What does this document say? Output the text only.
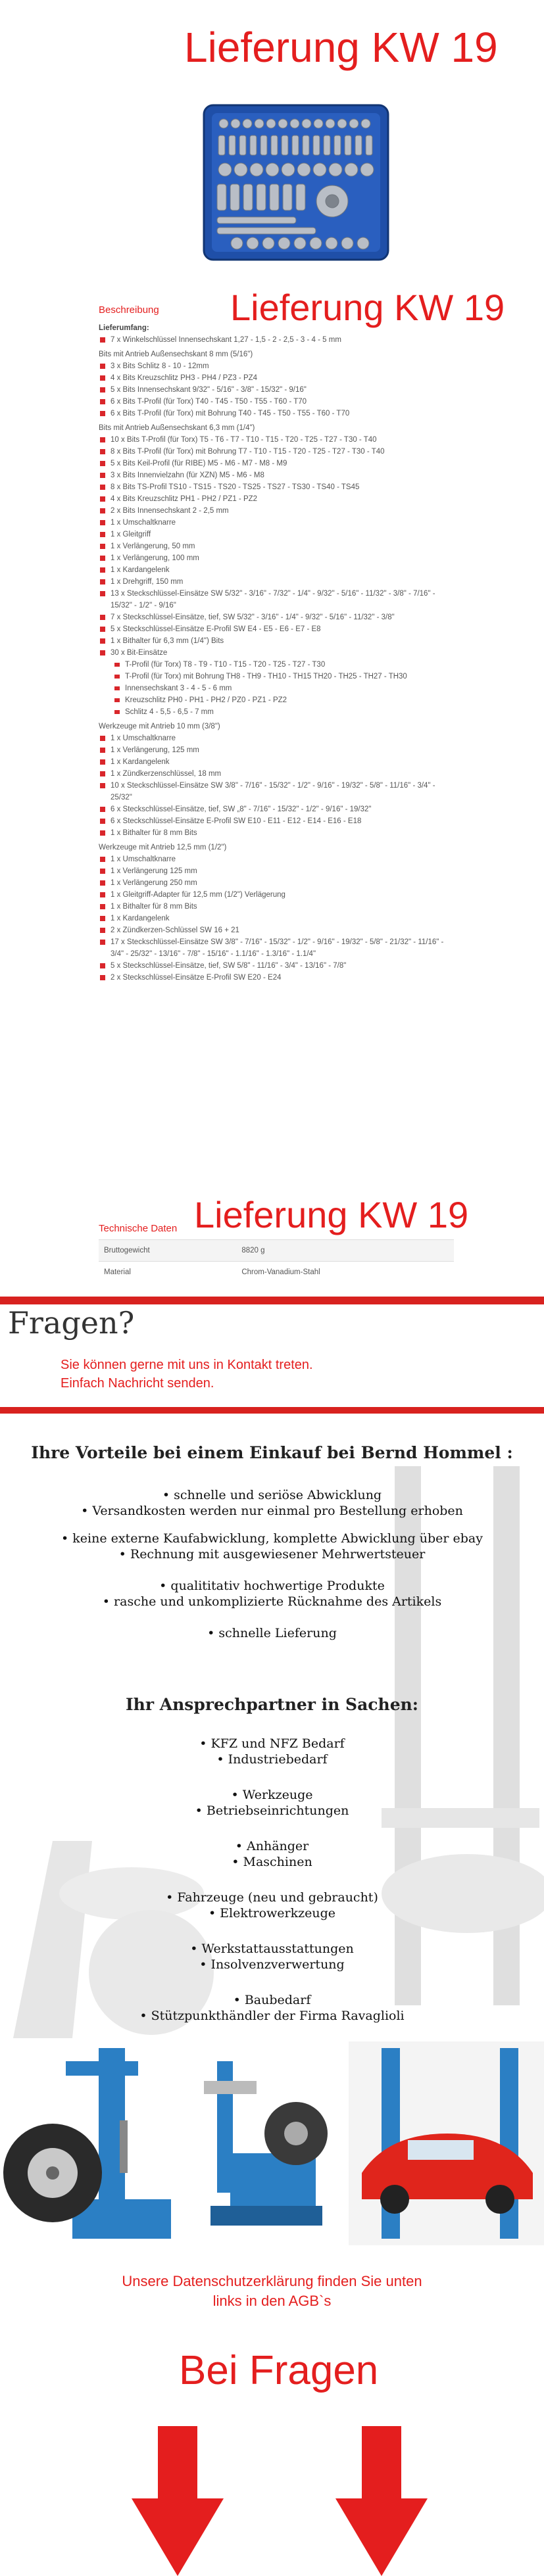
Lieferung KW 19
Beschreibung Lieferung KW 19
Lieferumfang:
7 x Winkelschlüssel Innensechskant 1,27 - 1,5 - 2 - 2,5 - 3 - 4 - 5 mm
Bits mit Antrieb Außensechskant 8 mm (5/16")
3 x Bits Schlitz 8 - 10 - 12mm
4 x Bits Kreuzschlitz PH3 - PH4 / PZ3 - PZ4
5 x Bits Innensechskant 9/32" - 5/16" - 3/8" - 15/32" - 9/16"
6 x Bits T-Profil (für Torx) T40 - T45 - T50 - T55 - T60 - T70
6 x Bits T-Profil (für Torx) mit Bohrung T40 - T45 - T50 - T55 - T60 - T70
Bits mit Antrieb Außensechskant 6,3 mm (1/4")
10 x Bits T-Profil (für Torx) T5 - T6 - T7 - T10 - T15 - T20 - T25 - T27 - T30 - T40
8 x Bits T-Profil (für Torx) mit Bohrung T7 - T10 - T15 - T20 - T25 - T27 - T30 - T40
5 x Bits Keil-Profil (für RIBE) M5 - M6 - M7 - M8 - M9
3 x Bits Innenvielzahn (für XZN) M5 - M6 - M8
8 x Bits TS-Profil TS10 - TS15 - TS20 - TS25 - TS27 - TS30 - TS40 - TS45
4 x Bits Kreuzschlitz PH1 - PH2 / PZ1 - PZ2
2 x Bits Innensechskant 2 - 2,5 mm
1 x Umschaltknarre
1 x Gleitgriff
1 x Verlängerung, 50 mm
1 x Verlängerung, 100 mm
1 x Kardangelenk
1 x Drehgriff, 150 mm
13 x Steckschlüssel-Einsätze SW 5/32" - 3/16" - 7/32" - 1/4" - 9/32" - 5/16" - 11/32" - 3/8" - 7/16" - 15/32" - 1/2" - 9/16"
7 x Steckschlüssel-Einsätze, tief, SW 5/32" - 3/16" - 1/4" - 9/32" - 5/16" - 11/32" - 3/8"
5 x Steckschlüssel-Einsätze E-Profil SW E4 - E5 - E6 - E7 - E8
1 x Bithalter für 6,3 mm (1/4") Bits
30 x Bit-Einsätze
T-Profil (für Torx) T8 - T9 - T10 - T15 - T20 - T25 - T27 - T30
T-Profil (für Torx) mit Bohrung TH8 - TH9 - TH10 - TH15 TH20 - TH25 - TH27 - TH30
Innensechskant 3 - 4 - 5 - 6 mm
Kreuzschlitz PH0 - PH1 - PH2 / PZ0 - PZ1 - PZ2
Schlitz 4 - 5,5 - 6,5 - 7 mm
Werkzeuge mit Antrieb 10 mm (3/8")
1 x Umschaltknarre
1 x Verlängerung, 125 mm
1 x Kardangelenk
1 x Zündkerzenschlüssel, 18 mm
10 x Steckschlüssel-Einsätze SW 3/8" - 7/16" - 15/32" - 1/2" - 9/16" - 19/32" - 5/8" - 11/16" - 3/4" - 25/32"
6 x Steckschlüssel-Einsätze, tief, SW „8" - 7/16" - 15/32" - 1/2" - 9/16" - 19/32"
6 x Steckschlüssel-Einsätze E-Profil SW E10 - E11 - E12 - E14 - E16 - E18
1 x Bithalter für 8 mm Bits
Werkzeuge mit Antrieb 12,5 mm (1/2")
1 x Umschaltknarre
1 x Verlängerung 125 mm
1 x Verlängerung 250 mm
1 x Gleitgriff-Adapter für 12,5 mm (1/2") Verlägerung
1 x Bithalter für 8 mm Bits
1 x Kardangelenk
2 x Zündkerzen-Schlüssel SW 16 + 21
17 x Steckschlüssel-Einsätze SW 3/8" - 7/16" - 15/32" - 1/2" - 9/16" - 19/32" - 5/8" - 21/32" - 11/16" - 3/4" - 25/32" - 13/16" - 7/8" - 15/16" - 1.1/16" - 1.3/16" - 1.1/4"
5 x Steckschlüssel-Einsätze, tief, SW 5/8" - 11/16" - 3/4" - 13/16" - 7/8"
2 x Steckschlüssel-Einsätze E-Profil SW E20 - E24
Lieferung KW 19
Technische Daten
Bruttogewicht	8820 g
Material	Chrom-Vanadium-Stahl
Fragen?
Sie können gerne mit uns in Kontakt treten.
Einfach Nachricht senden.
Ihre Vorteile bei einem Einkauf bei Bernd Hommel :
• schnelle und seriöse Abwicklung
• Versandkosten werden nur einmal pro Bestellung erhoben
• keine externe Kaufabwicklung, komplette Abwicklung über ebay
• Rechnung mit ausgewiesener Mehrwertsteuer
• qualititativ hochwertige Produkte
• rasche und unkomplizierte Rücknahme des Artikels
• schnelle Lieferung
Ihr Ansprechpartner in Sachen:
• KFZ und NFZ Bedarf
• Industriebedarf
• Werkzeuge
• Betriebseinrichtungen
• Anhänger
• Maschinen
• Fahrzeuge (neu und gebraucht)
• Elektrowerkzeuge
• Werkstattausstattungen
• Insolvenzverwertung
• Baubedarf
• Stützpunkthändler der Firma Ravaglioli
Unsere Datenschutzerklärung finden Sie unten
links in den AGB`s
Bei Fragen
